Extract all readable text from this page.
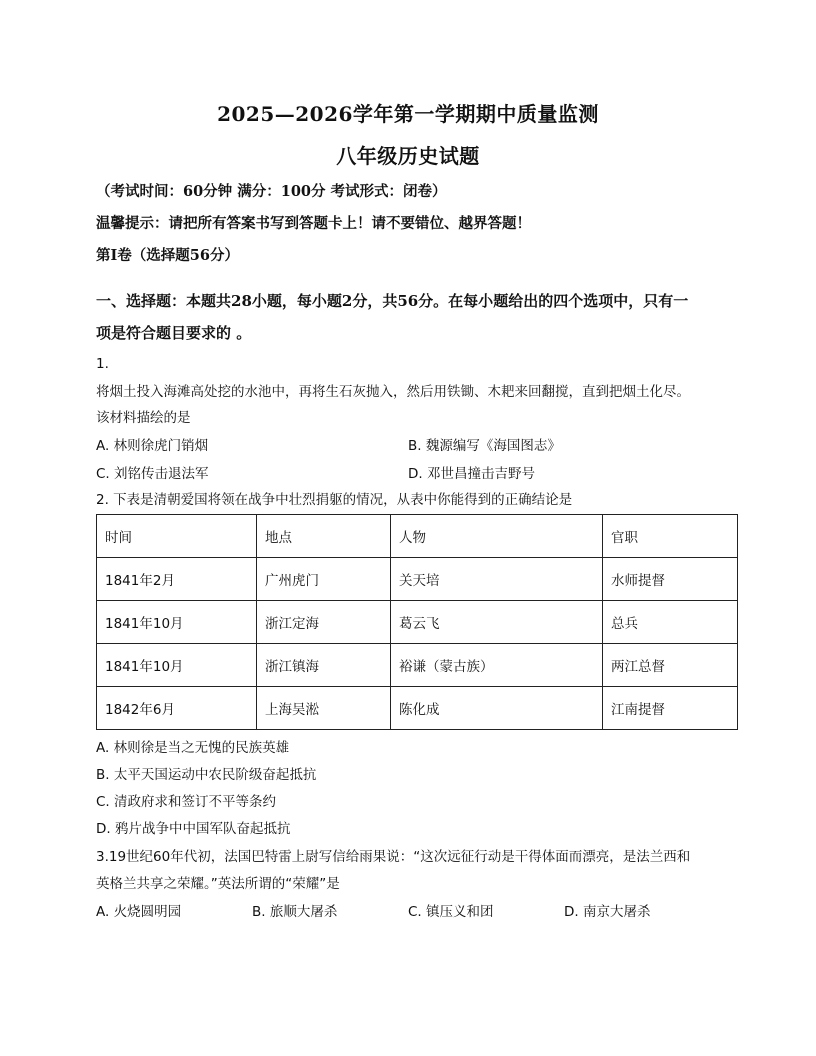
2025—2026学年第一学期期中质量监测
八年级历史试题
（考试时间：60分钟 满分：100分 考试形式：闭卷）
温馨提示：请把所有答案书写到答题卡上！请不要错位、越界答题！
第Ⅰ卷（选择题56分）
一、选择题：本题共28小题，每小题2分，共56分。在每小题给出的四个选项中，只有一
项是符合题目要求的 。
1.
将烟土投入海滩高处挖的水池中，再将生石灰抛入，然后用铁锄、木耙来回翻搅，直到把烟土化尽。
该材料描绘的是
A. 林则徐虎门销烟	B. 魏源编写《海国图志》
C. 刘铭传击退法军	D. 邓世昌撞击吉野号
2. 下表是清朝爱国将领在战争中壮烈捐躯的情况，从表中你能得到的正确结论是
时间	地点	人物	官职
1841年2月	广州虎门	关天培	水师提督
1841年10月	浙江定海	葛云飞	总兵
1841年10月	浙江镇海	裕谦（蒙古族）	两江总督
1842年6月	上海吴淞	陈化成	江南提督
A. 林则徐是当之无愧的民族英雄
B. 太平天国运动中农民阶级奋起抵抗
C. 清政府求和签订不平等条约
D. 鸦片战争中中国军队奋起抵抗
3.19世纪60年代初，法国巴特雷上尉写信给雨果说：“这次远征行动是干得体面而漂亮，是法兰西和
英格兰共享之荣耀。”英法所谓的“荣耀”是
A. 火烧圆明园	B. 旅顺大屠杀	C. 镇压义和团	D. 南京大屠杀
